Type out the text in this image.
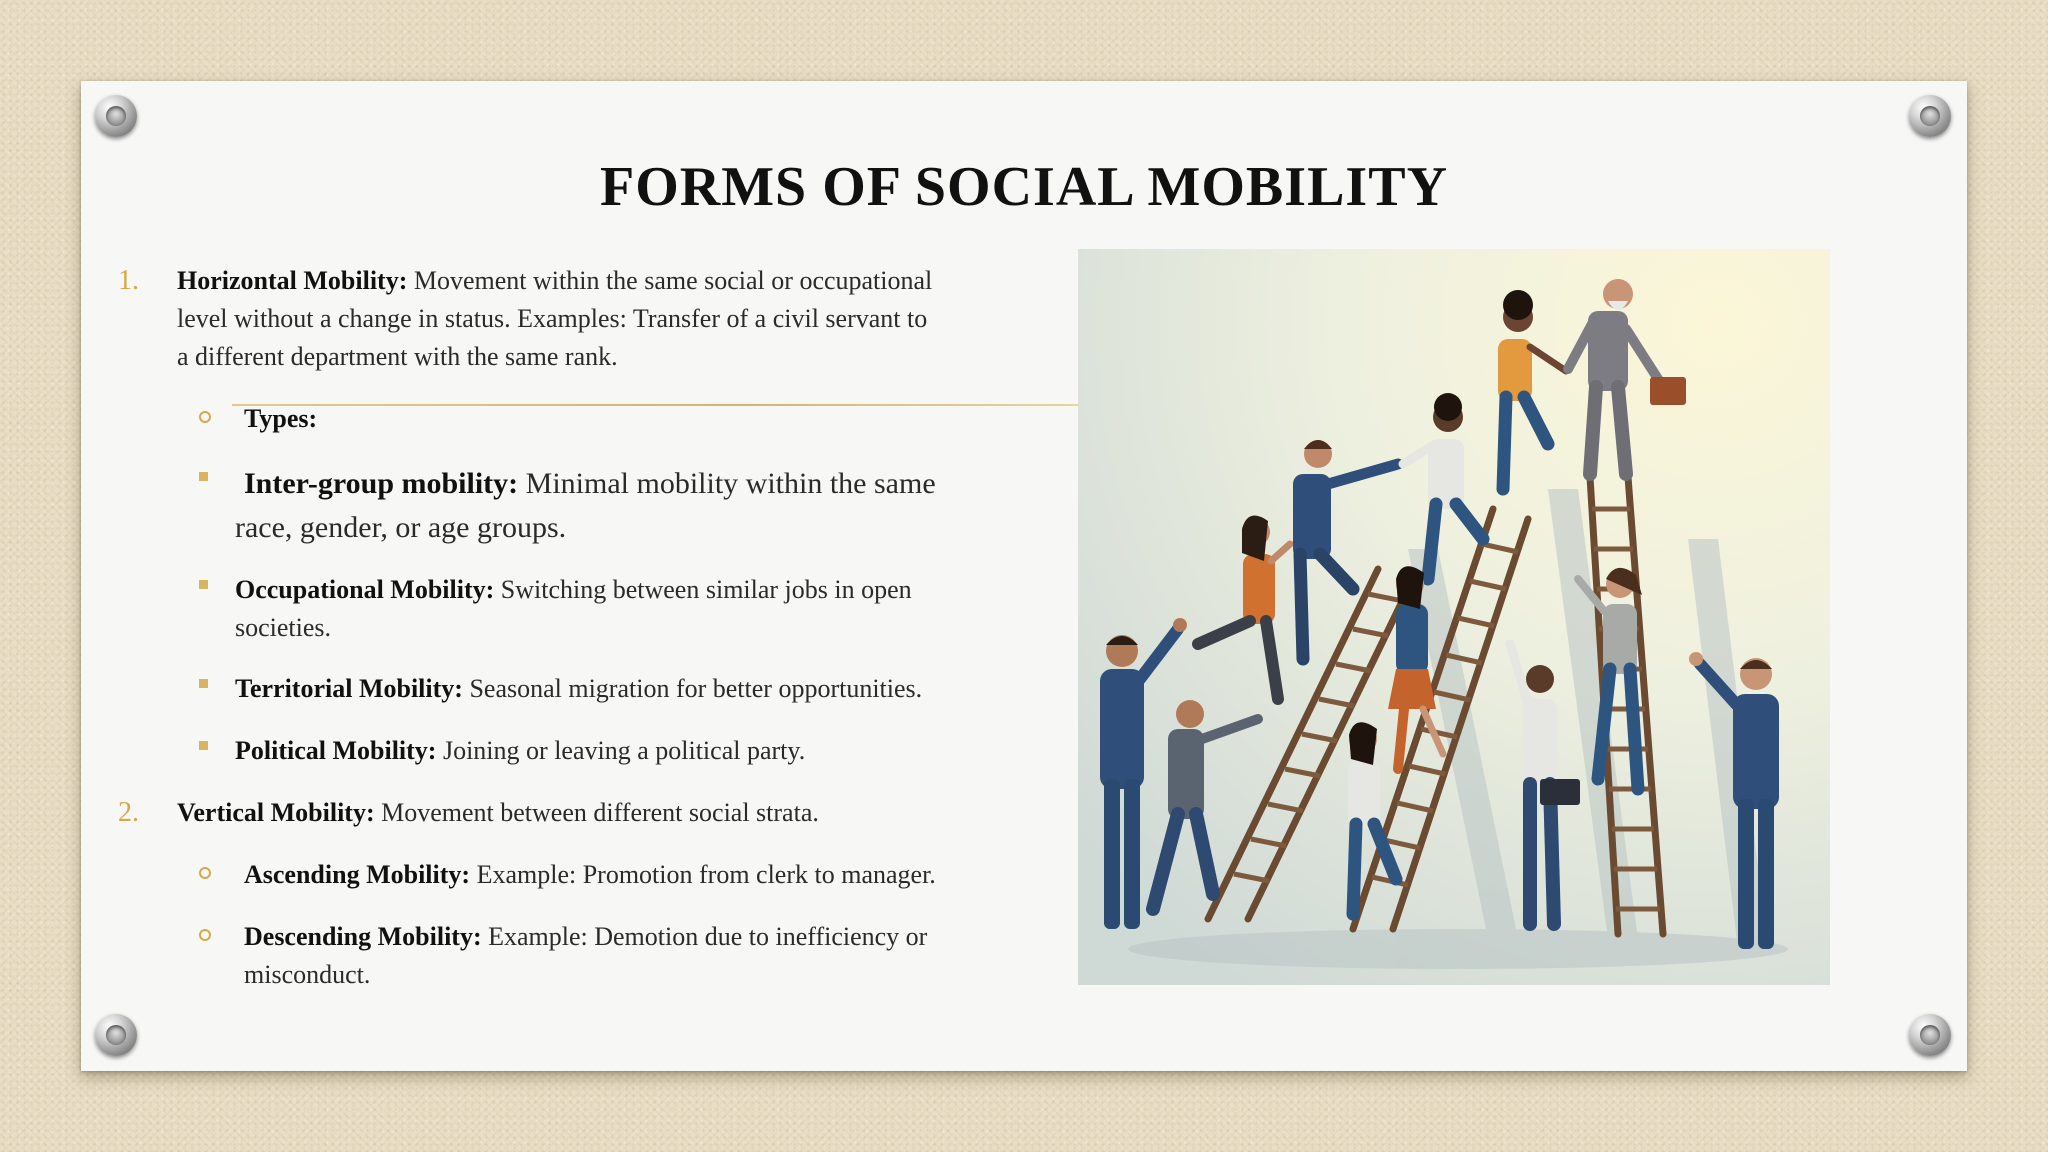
FORMS OF SOCIAL MOBILITY
1. Horizontal Mobility: Movement within the same social or occupational

level without a change in status. Examples: Transfer of a civil servant to

a different department with the same rank.

Types:

Inter-group mobility: Minimal mobility within the same

race, gender, or age groups.

Occupational Mobility: Switching between similar jobs in open

societies.

Territorial Mobility: Seasonal migration for better opportunities.

Political Mobility: Joining or leaving a political party.

2. Vertical Mobility: Movement between different social strata.

Ascending Mobility: Example: Promotion from clerk to manager.

Descending Mobility: Example: Demotion due to inefficiency or

misconduct.
